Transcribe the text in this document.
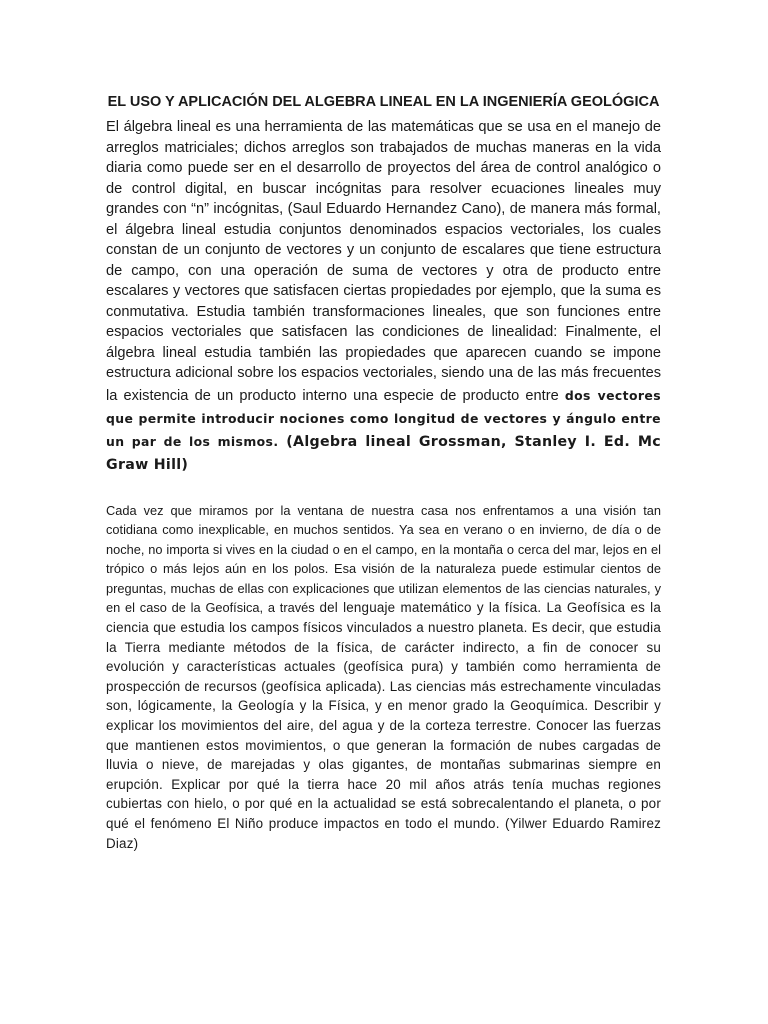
EL USO Y APLICACIÓN DEL ALGEBRA LINEAL EN LA INGENIERÍA GEOLÓGICA

El álgebra lineal es una herramienta de las matemáticas que se usa en el manejo de arreglos matriciales; dichos arreglos son trabajados de muchas maneras en la vida diaria como puede ser en el desarrollo de proyectos del área de control analógico o de control digital, en buscar incógnitas para resolver ecuaciones lineales muy grandes con “n” incógnitas, (Saul Eduardo Hernandez Cano), de manera más formal, el álgebra lineal estudia conjuntos denominados espacios vectoriales, los cuales constan de un conjunto de vectores y un conjunto de escalares que tiene estructura de campo, con una operación de suma de vectores y otra de producto entre escalares y vectores que satisfacen ciertas propiedades por ejemplo, que la suma es conmutativa. Estudia también transformaciones lineales, que son funciones entre espacios vectoriales que satisfacen las condiciones de linealidad: Finalmente, el álgebra lineal estudia también las propiedades que aparecen cuando se impone estructura adicional sobre los espacios vectoriales, siendo una de las más frecuentes la existencia de un producto interno una especie de producto entre dos vectores que permite introducir nociones como longitud de vectores y ángulo entre un par de los mismos. (Algebra lineal Grossman, Stanley I. Ed. Mc Graw Hill)

Cada vez que miramos por la ventana de nuestra casa nos enfrentamos a una visión tan cotidiana como inexplicable, en muchos sentidos. Ya sea en verano o en invierno, de día o de noche, no importa si vives en la ciudad o en el campo, en la montaña o cerca del mar, lejos en el trópico o más lejos aún en los polos. Esa visión de la naturaleza puede estimular cientos de preguntas, muchas de ellas con explicaciones que utilizan elementos de las ciencias naturales, y en el caso de la Geofísica, a través del lenguaje matemático y la física. La Geofísica es la ciencia que estudia los campos físicos vinculados a nuestro planeta. Es decir, que estudia la Tierra mediante métodos de la física, de carácter indirecto, a fin de conocer su evolución y características actuales (geofísica pura) y también como herramienta de prospección de recursos (geofísica aplicada). Las ciencias más estrechamente vinculadas son, lógicamente, la Geología y la Física, y en menor grado la Geoquímica. Describir y explicar los movimientos del aire, del agua y de la corteza terrestre. Conocer las fuerzas que mantienen estos movimientos, o que generan la formación de nubes cargadas de lluvia o nieve, de marejadas y olas gigantes, de montañas submarinas siempre en erupción. Explicar por qué la tierra hace 20 mil años atrás tenía muchas regiones cubiertas con hielo, o por qué en la actualidad se está sobrecalentando el planeta, o por qué el fenómeno El Niño produce impactos en todo el mundo. (Yilwer Eduardo Ramirez Diaz)
